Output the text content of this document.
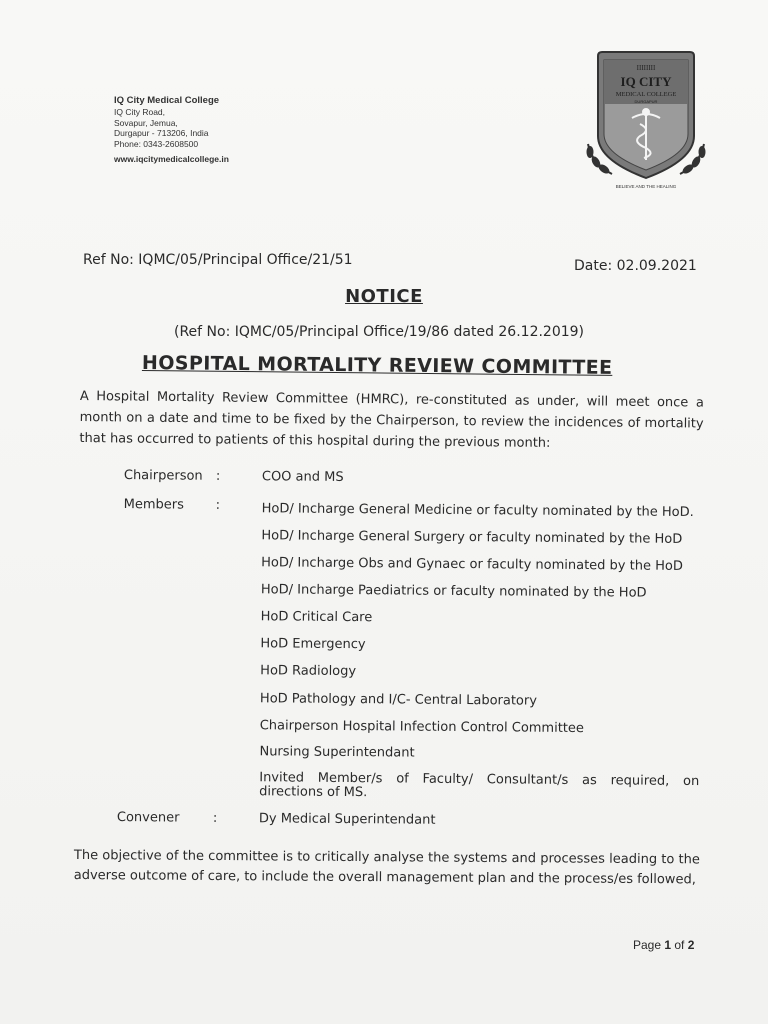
IQ City Medical College
IQ City Road,
Sovapur, Jemua,
Durgapur - 713206, India
Phone: 0343-2608500
www.iqcitymedicalcollege.in
IIIIIIII
IQ CITY
MEDICAL COLLEGE
DURGAPUR
BELIEVE AND THE HEALING
Ref No: IQMC/05/Principal Office/21/51	Date: 02.09.2021
NOTICE
(Ref No: IQMC/05/Principal Office/19/86 dated 26.12.2019)
HOSPITAL MORTALITY REVIEW COMMITTEE
A Hospital Mortality Review Committee (HMRC), re-constituted as under, will meet once a month on a date and time to be fixed by the Chairperson, to review the incidences of mortality that has occurred to patients of this hospital during the previous month:
Chairperson	:	COO and MS
Members	:	HoD/ Incharge General Medicine or faculty nominated by the HoD.
HoD/ Incharge General Surgery or faculty nominated by the HoD
HoD/ Incharge Obs and Gynaec or faculty nominated by the HoD
HoD/ Incharge Paediatrics or faculty nominated by the HoD
HoD Critical Care
HoD Emergency
HoD Radiology
HoD Pathology and I/C- Central Laboratory
Chairperson Hospital Infection Control Committee
Nursing Superintendant
Invited Member/s of Faculty/ Consultant/s as required, on directions of MS.
Convener	:	Dy Medical Superintendant
The objective of the committee is to critically analyse the systems and processes leading to the adverse outcome of care, to include the overall management plan and the process/es followed,
Page 1 of 2
